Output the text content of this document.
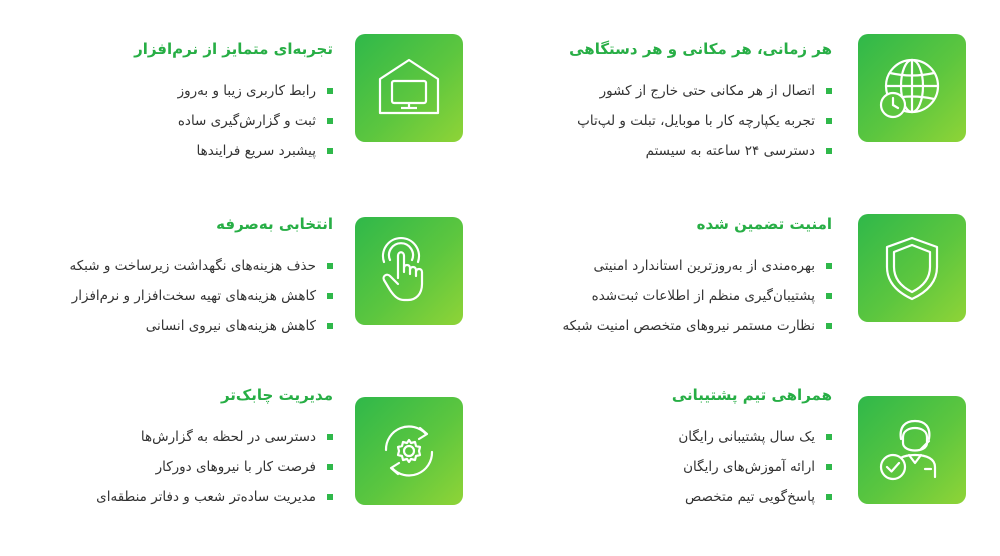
هر زمانی، هر مکانی و هر دستگاهی
اتصال از هر مکانی حتی خارج از کشور
تجربه یکپارچه کار با موبایل، تبلت و لپ‌تاپ
دسترسی ۲۴ ساعته به سیستم
امنیت تضمین شده
بهره‌مندی از به‌روزترین استاندارد امنیتی
پشتیبان‌گیری منظم از اطلاعات ثبت‌شده
نظارت مستمر نیروهای متخصص امنیت شبکه
همراهی تیم پشتیبانی
یک سال پشتیبانی رایگان
ارائه آموزش‌های رایگان
پاسخ‌گویی تیم متخصص
تجربه‌ای متمایز از نرم‌افزار
رابط کاربری زیبا و به‌روز
ثبت و گزارش‌گیری ساده
پیشبرد سریع فرایندها
انتخابی به‌صرفه
حذف هزینه‌های نگهداشت زیرساخت و شبکه
کاهش هزینه‌های تهیه سخت‌افزار و نرم‌افزار
کاهش هزینه‌های نیروی انسانی
مدیریت چابک‌تر
دسترسی در لحظه به گزارش‌ها
فرصت کار با نیروهای دورکار
مدیریت ساده‌تر شعب و دفاتر منطقه‌ای
